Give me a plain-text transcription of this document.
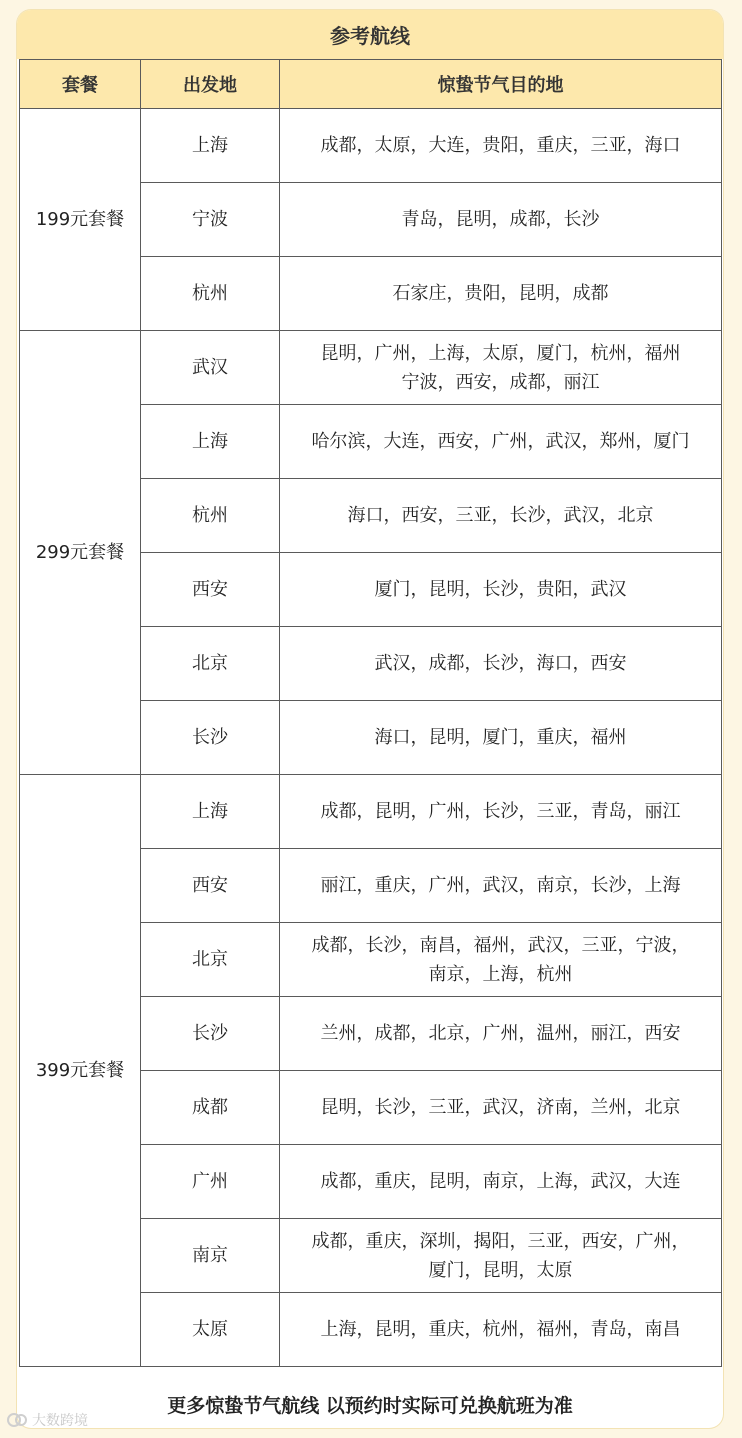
参考航线
套餐	出发地	惊蛰节气目的地
199元套餐	上海	成都，太原，大连，贵阳，重庆，三亚，海口

	宁波	青岛，昆明，成都，长沙

	杭州	石家庄，贵阳，昆明，成都

299元套餐	武汉	昆明，广州，上海，太原，厦门，杭州，福州
宁波，西安，成都，丽江

	上海	哈尔滨，大连，西安，广州，武汉，郑州，厦门

	杭州	海口，西安，三亚，长沙，武汉，北京

	西安	厦门，昆明，长沙，贵阳，武汉

	北京	武汉，成都，长沙，海口，西安

	长沙	海口，昆明，厦门，重庆，福州

399元套餐	上海	成都，昆明，广州，长沙，三亚，青岛，丽江

	西安	丽江，重庆，广州，武汉，南京，长沙，上海

	北京	成都，长沙，南昌，福州，武汉，三亚，宁波，
南京，上海，杭州

	长沙	兰州，成都，北京，广州，温州，丽江，西安

	成都	昆明，长沙，三亚，武汉，济南，兰州，北京

	广州	成都，重庆，昆明，南京，上海，武汉，大连

	南京	成都，重庆，深圳，揭阳，三亚，西安，广州，
厦门，昆明，太原

	太原	上海，昆明，重庆，杭州，福州，青岛，南昌
更多惊蛰节气航线 以预约时实际可兑换航班为准
大数跨境
